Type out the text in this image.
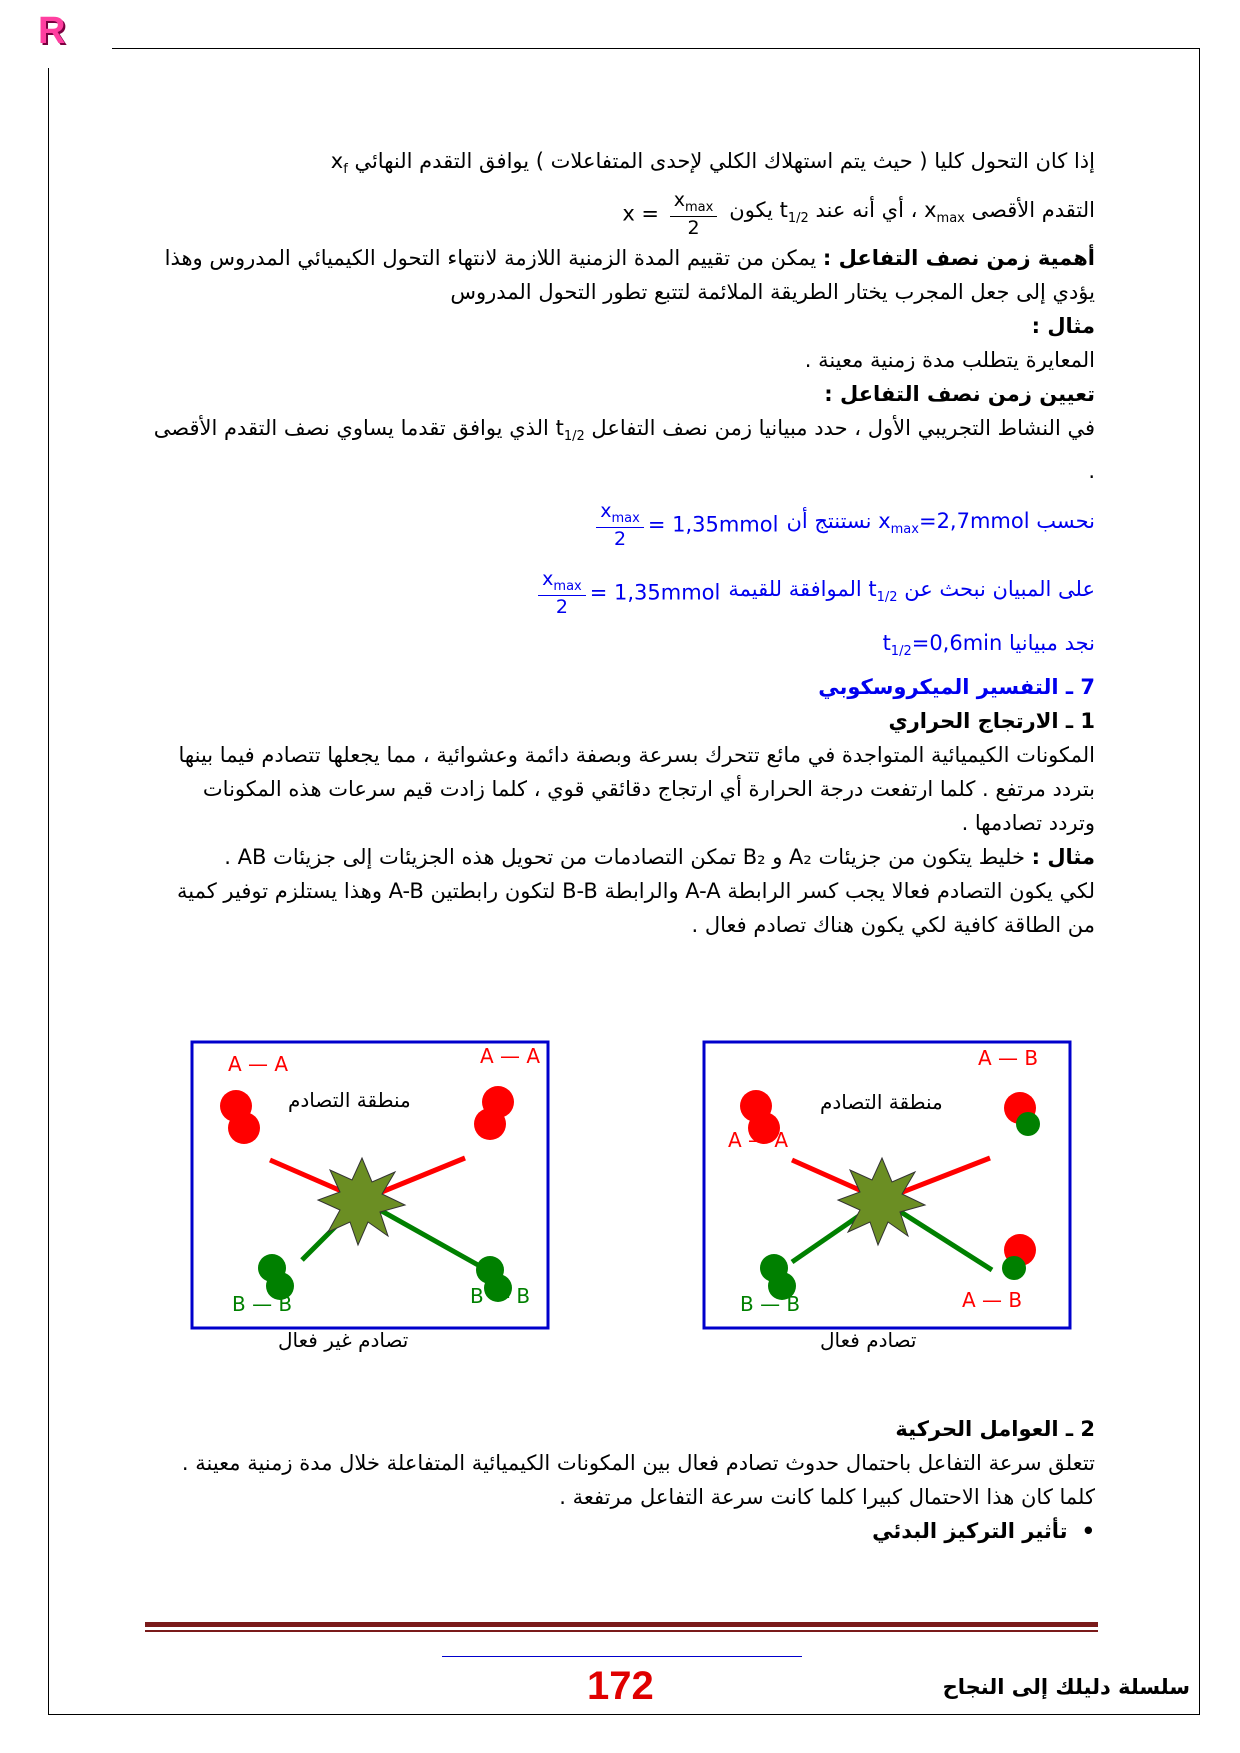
R

إذا كان التحول كليا ( حيث يتم استهلاك الكلي لإحدى المتفاعلات ) يوافق التقدم النهائي $x_f$

التقدم الأقصى $x_{max}$ ، أي أنه عند $t_{1/2}$ يكون
$x = \frac{x_{max}}{2}$

أهمية زمن نصف التفاعل : يمكن من تقييم المدة الزمنية اللازمة لانتهاء التحول الكيميائي المدروس وهذا يؤدي إلى جعل المجرب يختار الطريقة الملائمة لتتبع تطور التحول المدروس

مثال :

المعايرة يتطلب مدة زمنية معينة .

تعيين زمن نصف التفاعل :

في النشاط التجريبي الأول ، حدد مبيانيا زمن نصف التفاعل $t_{1/2}$ الذي يوافق تقدما يساوي نصف التقدم الأقصى .

نحسب $x_{max}=2,7mmol$ نستنتج أن
$\frac{x_{max}}{2}$ = 1,35mmol

على المبيان نبحث عن $t_{1/2}$ الموافقة للقيمة
$\frac{x_{max}}{2}$ = 1,35mmol

نجد مبيانيا $t_{1/2}=0,6\min$

7 ـ التفسير الميكروسكوبي

1 ـ الارتجاج الحراري

المكونات الكيميائية المتواجدة في مائع تتحرك بسرعة وبصفة دائمة وعشوائية ، مما يجعلها تتصادم فيما بينها بتردد مرتفع . كلما ارتفعت درجة الحرارة أي ارتجاج دقائقي قوي ، كلما زادت قيم سرعات هذه المكونات وتردد تصادمها .

مثال : خليط يتكون من جزيئات A₂ و B₂ تمكن التصادمات من تحويل هذه الجزيئات إلى جزيئات AB .

لكي يكون التصادم فعالا يجب كسر الرابطة A-A والرابطة B-B لتكون رابطتين A-B وهذا يستلزم توفير كمية من الطاقة كافية لكي يكون هناك تصادم فعال .

A — A	A — A
منطقة التصادم
B — B	B — B
تصادم غير فعال
A — B
A — A
منطقة التصادم
A — B
B — B
تصادم فعال

2 ـ العوامل الحركية

تتعلق سرعة التفاعل باحتمال حدوث تصادم فعال بين المكونات الكيميائية المتفاعلة خلال مدة زمنية معينة . كلما كان هذا الاحتمال كبيرا كلما كانت سرعة التفاعل مرتفعة .

• تأثير التركيز البدئي

172	سلسلة دليلك إلى النجاح
